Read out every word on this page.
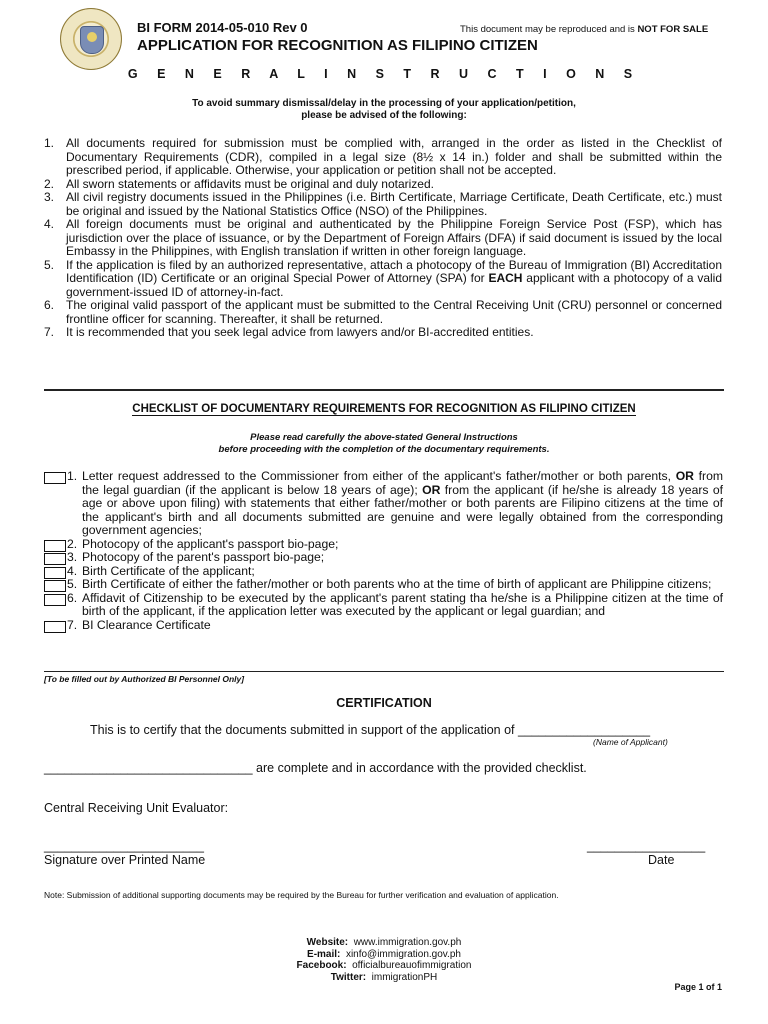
BI FORM 2014-05-010 Rev 0
APPLICATION FOR RECOGNITION AS FILIPINO CITIZEN
This document may be reproduced and is NOT FOR SALE
G E N E R A L I N S T R U C T I O N S
To avoid summary dismissal/delay in the processing of your application/petition,
please be advised of the following:
1. All documents required for submission must be complied with, arranged in the order as listed in the Checklist of Documentary Requirements (CDR), compiled in a legal size (8½ x 14 in.) folder and shall be submitted within the prescribed period, if applicable. Otherwise, your application or petition shall not be accepted.
2. All sworn statements or affidavits must be original and duly notarized.
3. All civil registry documents issued in the Philippines (i.e. Birth Certificate, Marriage Certificate, Death Certificate, etc.) must be original and issued by the National Statistics Office (NSO) of the Philippines.
4. All foreign documents must be original and authenticated by the Philippine Foreign Service Post (FSP), which has jurisdiction over the place of issuance, or by the Department of Foreign Affairs (DFA) if said document is issued by the local Embassy in the Philippines, with English translation if written in other foreign language.
5. If the application is filed by an authorized representative, attach a photocopy of the Bureau of Immigration (BI) Accreditation Identification (ID) Certificate or an original Special Power of Attorney (SPA) for EACH applicant with a photocopy of a valid government-issued ID of attorney-in-fact.
6. The original valid passport of the applicant must be submitted to the Central Receiving Unit (CRU) personnel or concerned frontline officer for scanning. Thereafter, it shall be returned.
7. It is recommended that you seek legal advice from lawyers and/or BI-accredited entities.
CHECKLIST OF DOCUMENTARY REQUIREMENTS FOR RECOGNITION AS FILIPINO CITIZEN
Please read carefully the above-stated General Instructions
before proceeding with the completion of the documentary requirements.
1. Letter request addressed to the Commissioner from either of the applicant's father/mother or both parents, OR from the legal guardian (if the applicant is below 18 years of age); OR from the applicant (if he/she is already 18 years of age or above upon filing) with statements that either father/mother or both parents are Filipino citizens at the time of the applicant's birth and all documents submitted are genuine and were legally obtained from the corresponding government agencies;
2. Photocopy of the applicant's passport bio-page;
3. Photocopy of the parent's passport bio-page;
4. Birth Certificate of the applicant;
5. Birth Certificate of either the father/mother or both parents who at the time of birth of applicant are Philippine citizens;
6. Affidavit of Citizenship to be executed by the applicant's parent stating tha he/she is a Philippine citizen at the time of birth of the applicant, if the application letter was executed by the applicant or legal guardian; and
7. BI Clearance Certificate
[To be filled out by Authorized BI Personnel Only]
CERTIFICATION
This is to certify that the documents submitted in support of the application of ___________________
(Name of Applicant)
______________________________ are complete and in accordance with the provided checklist.
Central Receiving Unit Evaluator:
_______________________	_________________
Signature over Printed Name	Date
Note: Submission of additional supporting documents may be required by the Bureau for further verification and evaluation of application.
Website: www.immigration.gov.ph
E-mail: xinfo@immigration.gov.ph
Facebook: officialbureauofimmigration
Twitter: immigrationPH
Page 1 of 1
